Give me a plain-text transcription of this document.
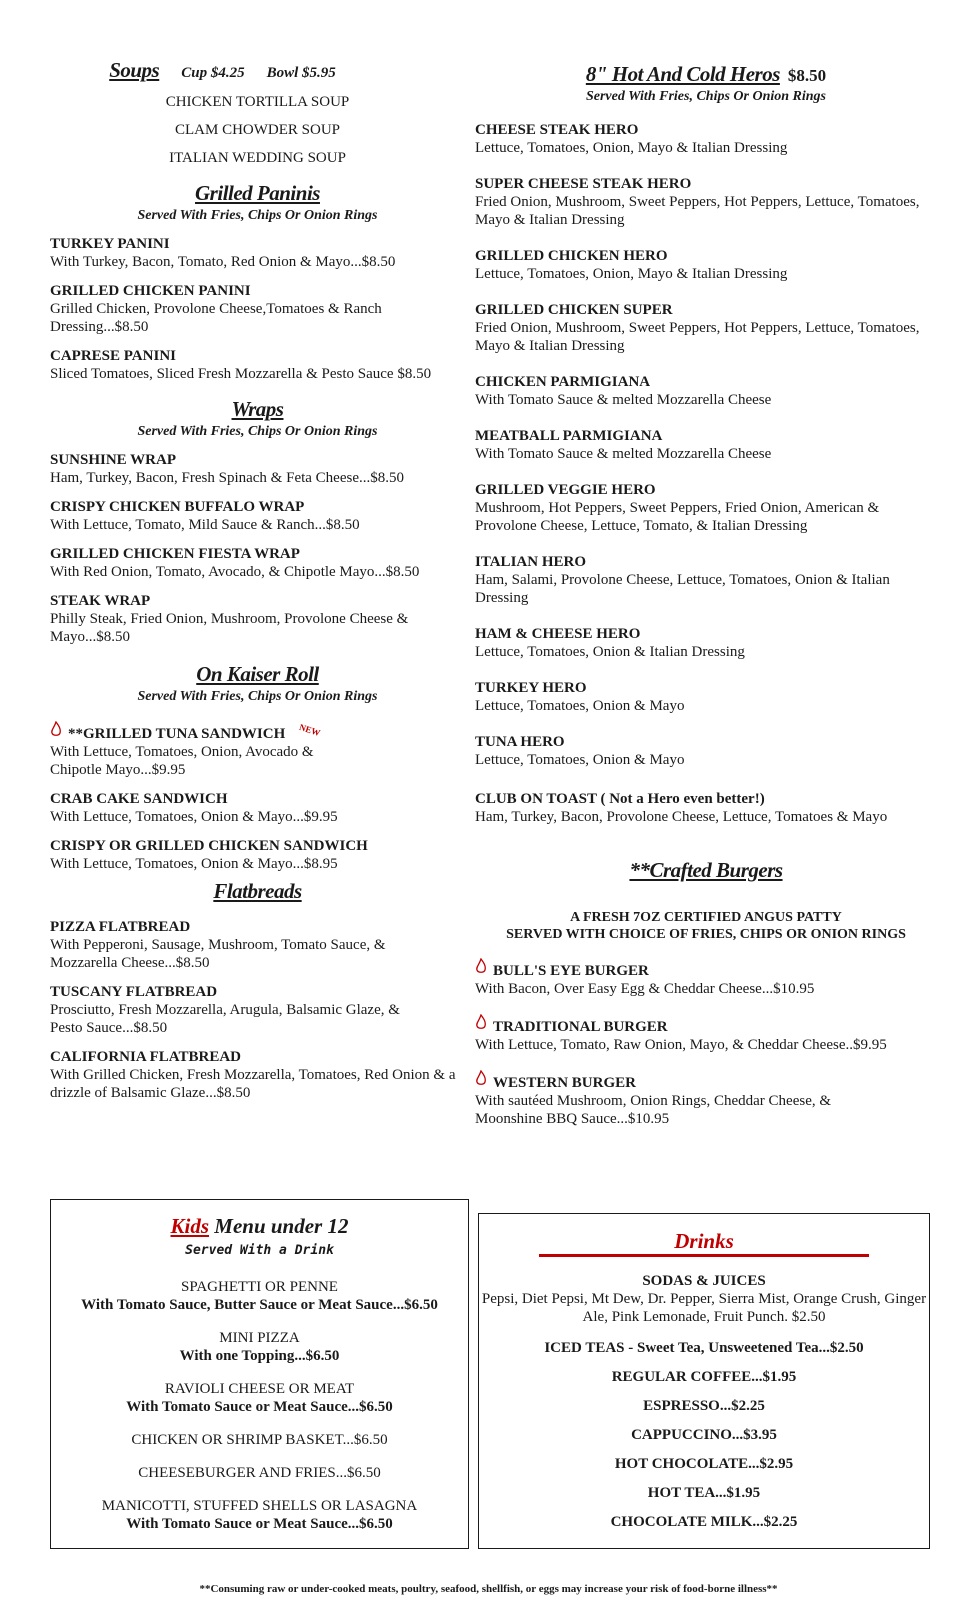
Soups Cup $4.25 Bowl $5.95
CHICKEN TORTILLA SOUP
CLAM CHOWDER SOUP
ITALIAN WEDDING SOUP
Grilled Paninis
Served With Fries, Chips Or Onion Rings
TURKEY PANINI
With Turkey, Bacon, Tomato, Red Onion & Mayo...$8.50
GRILLED CHICKEN PANINI
Grilled Chicken, Provolone Cheese,Tomatoes & Ranch Dressing...$8.50
CAPRESE PANINI
Sliced Tomatoes, Sliced Fresh Mozzarella & Pesto Sauce $8.50
Wraps
Served With Fries, Chips Or Onion Rings
SUNSHINE WRAP
Ham, Turkey, Bacon, Fresh Spinach & Feta Cheese...$8.50
CRISPY CHICKEN BUFFALO WRAP
With Lettuce, Tomato, Mild Sauce & Ranch...$8.50
GRILLED CHICKEN FIESTA WRAP
With Red Onion, Tomato, Avocado, & Chipotle Mayo...$8.50
STEAK WRAP
Philly Steak, Fried Onion, Mushroom, Provolone Cheese & Mayo...$8.50
On Kaiser Roll
Served With Fries, Chips Or Onion Rings
**GRILLED TUNA SANDWICH NEW
With Lettuce, Tomatoes, Onion, Avocado & Chipotle Mayo...$9.95
CRAB CAKE SANDWICH
With Lettuce, Tomatoes, Onion & Mayo...$9.95
CRISPY OR GRILLED CHICKEN SANDWICH
With Lettuce, Tomatoes, Onion & Mayo...$8.95
Flatbreads
PIZZA FLATBREAD
With Pepperoni, Sausage, Mushroom, Tomato Sauce, & Mozzarella Cheese...$8.50
TUSCANY FLATBREAD
Prosciutto, Fresh Mozzarella, Arugula, Balsamic Glaze, & Pesto Sauce...$8.50
CALIFORNIA FLATBREAD
With Grilled Chicken, Fresh Mozzarella, Tomatoes, Red Onion & a drizzle of Balsamic Glaze...$8.50
8" Hot And Cold Heros $8.50
Served With Fries, Chips Or Onion Rings
CHEESE STEAK HERO
Lettuce, Tomatoes, Onion, Mayo & Italian Dressing
SUPER CHEESE STEAK HERO
Fried Onion, Mushroom, Sweet Peppers, Hot Peppers, Lettuce, Tomatoes, Mayo & Italian Dressing
GRILLED CHICKEN HERO
Lettuce, Tomatoes, Onion, Mayo & Italian Dressing
GRILLED CHICKEN SUPER
Fried Onion, Mushroom, Sweet Peppers, Hot Peppers, Lettuce, Tomatoes, Mayo & Italian Dressing
CHICKEN PARMIGIANA
With Tomato Sauce & melted Mozzarella Cheese
MEATBALL PARMIGIANA
With Tomato Sauce & melted Mozzarella Cheese
GRILLED VEGGIE HERO
Mushroom, Hot Peppers, Sweet Peppers, Fried Onion, American & Provolone Cheese, Lettuce, Tomato, & Italian Dressing
ITALIAN HERO
Ham, Salami, Provolone Cheese, Lettuce, Tomatoes, Onion & Italian Dressing
HAM & CHEESE HERO
Lettuce, Tomatoes, Onion & Italian Dressing
TURKEY HERO
Lettuce, Tomatoes, Onion & Mayo
TUNA HERO
Lettuce, Tomatoes, Onion & Mayo
CLUB ON TOAST ( Not a Hero even better!)
Ham, Turkey, Bacon, Provolone Cheese, Lettuce, Tomatoes & Mayo
**Crafted Burgers
A FRESH 7OZ CERTIFIED ANGUS PATTY
SERVED WITH CHOICE OF FRIES, CHIPS OR ONION RINGS
BULL'S EYE BURGER
With Bacon, Over Easy Egg & Cheddar Cheese...$10.95
TRADITIONAL BURGER
With Lettuce, Tomato, Raw Onion, Mayo, & Cheddar Cheese..$9.95
WESTERN BURGER
With sautéed Mushroom, Onion Rings, Cheddar Cheese, & Moonshine BBQ Sauce...$10.95
Kids Menu under 12
Served With a Drink
SPAGHETTI OR PENNE
With Tomato Sauce, Butter Sauce or Meat Sauce...$6.50
MINI PIZZA
With one Topping...$6.50
RAVIOLI CHEESE OR MEAT
With Tomato Sauce or Meat Sauce...$6.50
CHICKEN OR SHRIMP BASKET...$6.50
CHEESEBURGER AND FRIES...$6.50
MANICOTTI, STUFFED SHELLS OR LASAGNA
With Tomato Sauce or Meat Sauce...$6.50
Drinks
SODAS & JUICES
Pepsi, Diet Pepsi, Mt Dew, Dr. Pepper, Sierra Mist, Orange Crush, Ginger Ale, Pink Lemonade, Fruit Punch. $2.50
ICED TEAS - Sweet Tea, Unsweetened Tea...$2.50
REGULAR COFFEE...$1.95
ESPRESSO...$2.25
CAPPUCCINO...$3.95
HOT CHOCOLATE...$2.95
HOT TEA...$1.95
CHOCOLATE MILK...$2.25
**Consuming raw or under-cooked meats, poultry, seafood, shellfish, or eggs may increase your risk of food-borne illness**
